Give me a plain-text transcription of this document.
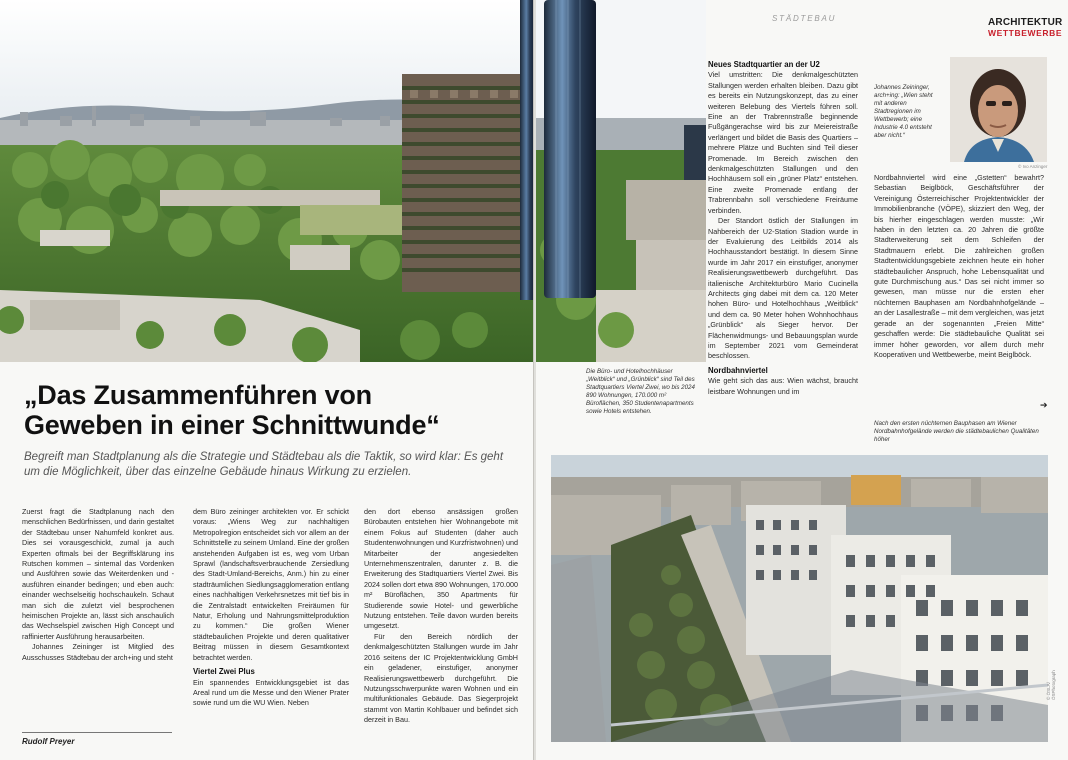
„Das Zusammenführen von
Geweben in einer Schnittwunde“

Begreift man Stadtplanung als die Strategie und Städtebau als die Taktik, so wird klar: Es geht um die Möglichkeit, über das einzelne Gebäude hinaus Wirkung zu erzielen.

Zuerst fragt die Stadtplanung nach den menschlichen Bedürfnissen, und darin gestaltet der Städtebau unser Nahumfeld konkret aus. Dies sei vorausgeschickt, zumal ja auch Experten oftmals bei der Begriffsklärung ins Rutschen kommen – sintemal das Vordenken und Ausführen sowie das Weiterdenken und -ausführen einander bedingen; und eben auch: einander wechselseitig hochschaukeln. Schaut man sich die zuletzt viel besprochenen heimischen Projekte an, lässt sich anschaulich das Wechselspiel zwischen High Concept und raffinierter Ausführung herausarbeiten.

Johannes Zeininger ist Mitglied des Ausschusses Städtebau der arch+ing und steht

dem Büro zeininger architekten vor. Er schickt voraus: „Wiens Weg zur nachhaltigen Metropolregion entscheidet sich vor allem an der Schnittstelle zu seinem Umland. Eine der großen anstehenden Aufgaben ist es, weg vom Urban Sprawl (landschaftsverbrauchende Zersiedlung des Stadt-Umland-Bereichs, Anm.) hin zu einer stadträumlichen Siedlungsagglomeration entlang eines nachhaltigen Verkehrsnetzes mit tief bis in die Zentralstadt entwickelten Freiräumen für Natur, Erholung und Nahrungsmittelproduktion zu kommen.“ Die großen Wiener städtebaulichen Projekte und deren qualitativer Beitrag müssen in diesem Gesamtkontext betrachtet werden.

Viertel Zwei Plus

Ein spannendes Entwicklungsgebiet ist das Areal rund um die Messe und den Wiener Prater sowie rund um die WU Wien. Neben

den dort ebenso ansässigen großen Bürobauten entstehen hier Wohnangebote mit einem Fokus auf Studenten (daher auch Studentenwohnungen und Kurzfristwohnen) und Mitarbeiter der angesiedelten Unternehmenszentralen, darunter z. B. die Erweiterung des Stadtquartiers Viertel Zwei. Bis 2024 sollen dort etwa 890 Wohnungen, 170.000 m² Büroflächen, 350 Apartments für Studierende sowie Hotel- und gewerbliche Nutzung entstehen. Teile davon wurden bereits umgesetzt.

Für den Bereich nördlich der denkmalgeschützten Stallungen wurde im Jahr 2016 seitens der IC Projektentwicklung GmbH ein geladener, einstufiger, anonymer Realisierungswettbewerb durchgeführt. Die Nutzungsschwerpunkte waren Wohnen und ein multifunktionales Gebäude. Das Siegerprojekt stammt von Martin Kohlbauer und befindet sich derzeit in Bau.

Rudolf Preyer
Die Büro- und Hotelhochhäuser „Weitblick“ und „Grünblick“ sind Teil des Stadtquartiers Viertel Zwei, wo bis 2024 890 Wohnungen, 170.000 m² Büroflächen, 350 Studentenapartments sowie Hotels entstehen.
STÄDTEBAU	ARCHITEKTUR
WETTBEWERBE
Neues Stadtquartier an der U2

Viel umstritten: Die denkmalgeschützten Stallungen werden erhalten bleiben. Dazu gibt es bereits ein Nutzungskonzept, das zu einer weiteren Belebung des Viertels führen soll. Eine an der Trabrennstraße beginnende Fußgängerachse wird bis zur Meiereistraße verlängert und bildet die Basis des Quartiers – mehrere Plätze und Buchten sind Teil dieser Promenade. Im Bereich zwischen den denkmalgeschützten Stallungen und den Hochhäusern soll ein „grüner Platz“ entstehen. Eine zweite Promenade entlang der Trabrennbahn soll verschiedene Freiräume verbinden.

Der Standort östlich der Stallungen im Nahbereich der U2-Station Stadion wurde in der Evaluierung des Leitbilds 2014 als Hochhausstandort bestätigt. In diesem Sinne wurde im Jahr 2017 ein einstufiger, anonymer Realisierungswettbewerb durchgeführt. Das italienische Architekturbüro Mario Cucinella Architects ging dabei mit dem ca. 120 Meter hohen Büro- und Hotelhochhaus „Weitblick“ und dem ca. 90 Meter hohen Wohnhochhaus „Grünblick“ als Sieger hervor. Der Flächenwidmungs- und Bebauungsplan wurde im September 2021 vom Gemeinderat beschlossen.

Nordbahnviertel

Wie geht sich das aus: Wien wächst, braucht leistbare Wohnungen und im

Johannes Zeininger, arch+ing: „Wien steht mit anderen Stadtregionen im Wettbewerb; eine Industrie 4.0 entsteht aber nicht.“
© Ivo Anzinger

Nordbahnviertel wird eine „Gstetten“ bewahrt? Sebastian Beiglböck, Geschäftsführer der Vereinigung Österreichischer Projektentwickler der Immobilienbranche (VÖPE), skizziert den Weg, der bis hierher eingeschlagen werden musste: „Wir haben in den letzten ca. 20 Jahren die größte Stadterweiterung seit dem Schleifen der Stadtmauern erlebt. Die zahlreichen großen Stadtentwicklungsgebiete zeichnen heute ein hoher städtebaulicher Anspruch, hohe Lebensqualität und gute Durchmischung aus.“ Das sei nicht immer so gewesen, man müsse nur die ersten eher nüchternen Bauphasen am Nordbahnhofgelände – an der Lasallestraße – mit dem vergleichen, was jetzt gerade an der sogenannten „Freien Mitte“ geschaffen werde: Die städtebauliche Qualität sei immer höher geworden, vor allem durch mehr Kooperativen und Wettbewerbe, meint Beiglböck.

➔
Nach den ersten nüchternen Bauphasen am Wiener Nordbahnhofgelände werden die städtebaulichen Qualitäten höher
© ÖSLA/ÖSPhotograph
